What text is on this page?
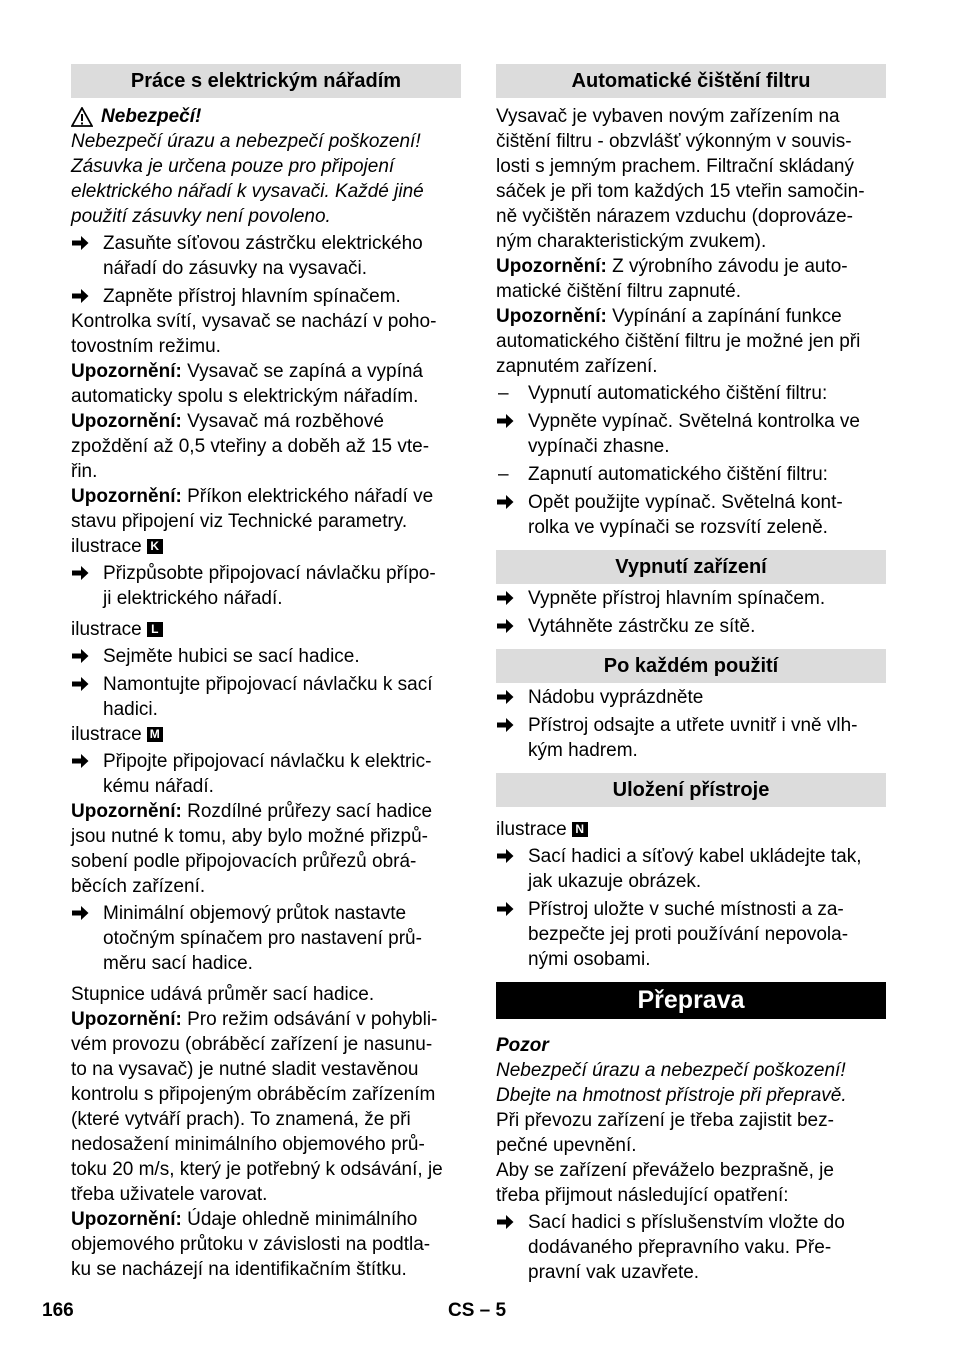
Práce s elektrickým nářadím
Nebezpečí!

Nebezpečí úrazu a nebezpečí poškození!
Zásuvka je určena pouze pro připojení
elektrického nářadí k vysavači. Každé jiné
použití zásuvky není povoleno.

Zasuňte síťovou zástrčku elektrického
nářadí do zásuvky na vysavači.
Zapněte přístroj hlavním spínačem.

Kontrolka svítí, vysavač se nachází v poho-
tovostním režimu.

Upozornění: Vysavač se zapíná a vypíná
automaticky spolu s elektrickým nářadím.

Upozornění: Vysavač má rozběhové
zpoždění až 0,5 vteřiny a doběh až 15 vte-
řin.

Upozornění: Příkon elektrického nářadí ve
stavu připojení viz Technické parametry.

ilustrace K
Přizpůsobte připojovací návlačku přípo-
ji elektrického nářadí.
ilustrace L
Sejměte hubici se sací hadice.
Namontujte připojovací návlačku k sací
hadici.
ilustrace M
Připojte připojovací návlačku k elektric-
kému nářadí.

Upozornění: Rozdílné průřezy sací hadice
jsou nutné k tomu, aby bylo možné přizpů-
sobení podle připojovacích průřezů obrá-
běcích zařízení.

Minimální objemový průtok nastavte
otočným spínačem pro nastavení prů-
měru sací hadice.

Stupnice udává průměr sací hadice.

Upozornění: Pro režim odsávání v pohybli-
vém provozu (obráběcí zařízení je nasunu-
to na vysavač) je nutné sladit vestavěnou
kontrolu s připojeným obráběcím zařízením
(které vytváří prach). To znamená, že při
nedosažení minimálního objemového prů-
toku 20 m/s, který je potřebný k odsávání, je
třeba uživatele varovat.

Upozornění: Údaje ohledně minimálního
objemového průtoku v závislosti na podtla-
ku se nacházejí na identifikačním štítku.

Automatické čištění filtru

Vysavač je vybaven novým zařízením na
čištění filtru - obzvlášť výkonným v souvis-
losti s jemným prachem. Filtrační skládaný
sáček je při tom každých 15 vteřin samočin-
ně vyčištěn nárazem vzduchu (doprovázе-
ným charakteristickým zvukem).

Upozornění: Z výrobního závodu je auto-
matické čištění filtru zapnuté.

Upozornění: Vypínání a zapínání funkce
automatického čištění filtru je možné jen při
zapnutém zařízení.

–	Vypnutí automatického čištění filtru:
Vypněte vypínač. Světelná kontrolka ve
vypínači zhasne.
–	Zapnutí automatického čištění filtru:
Opět použijte vypínač. Světelná kont-
rolka ve vypínači se rozsvítí zeleně.
Vypnutí zařízení
Vypněte přístroj hlavním spínačem.
Vytáhněte zástrčku ze sítě.
Po každém použití
Nádobu vyprázdněte
Přístroj odsajte a utřete uvnitř i vně vlh-
kým hadrem.
Uložení přístroje
ilustrace N
Sací hadici a síťový kabel ukládejte tak,
jak ukazuje obrázek.
Přístroj uložte v suché místnosti a za-
bezpečte jej proti používání nepovola-
nými osobami.
Přeprava

Pozor

Nebezpečí úrazu a nebezpečí poškození!
Dbejte na hmotnost přístroje při přepravě.

Při převozu zařízení je třeba zajistit bez-
pečné upevnění.

Aby se zařízení převáželo bezprašně, je
třeba přijmout následující opatření:

Sací hadici s příslušenstvím vložte do
dodávaného přepravního vaku. Pře-
pravní vak uzavřete.
166	CS – 5
